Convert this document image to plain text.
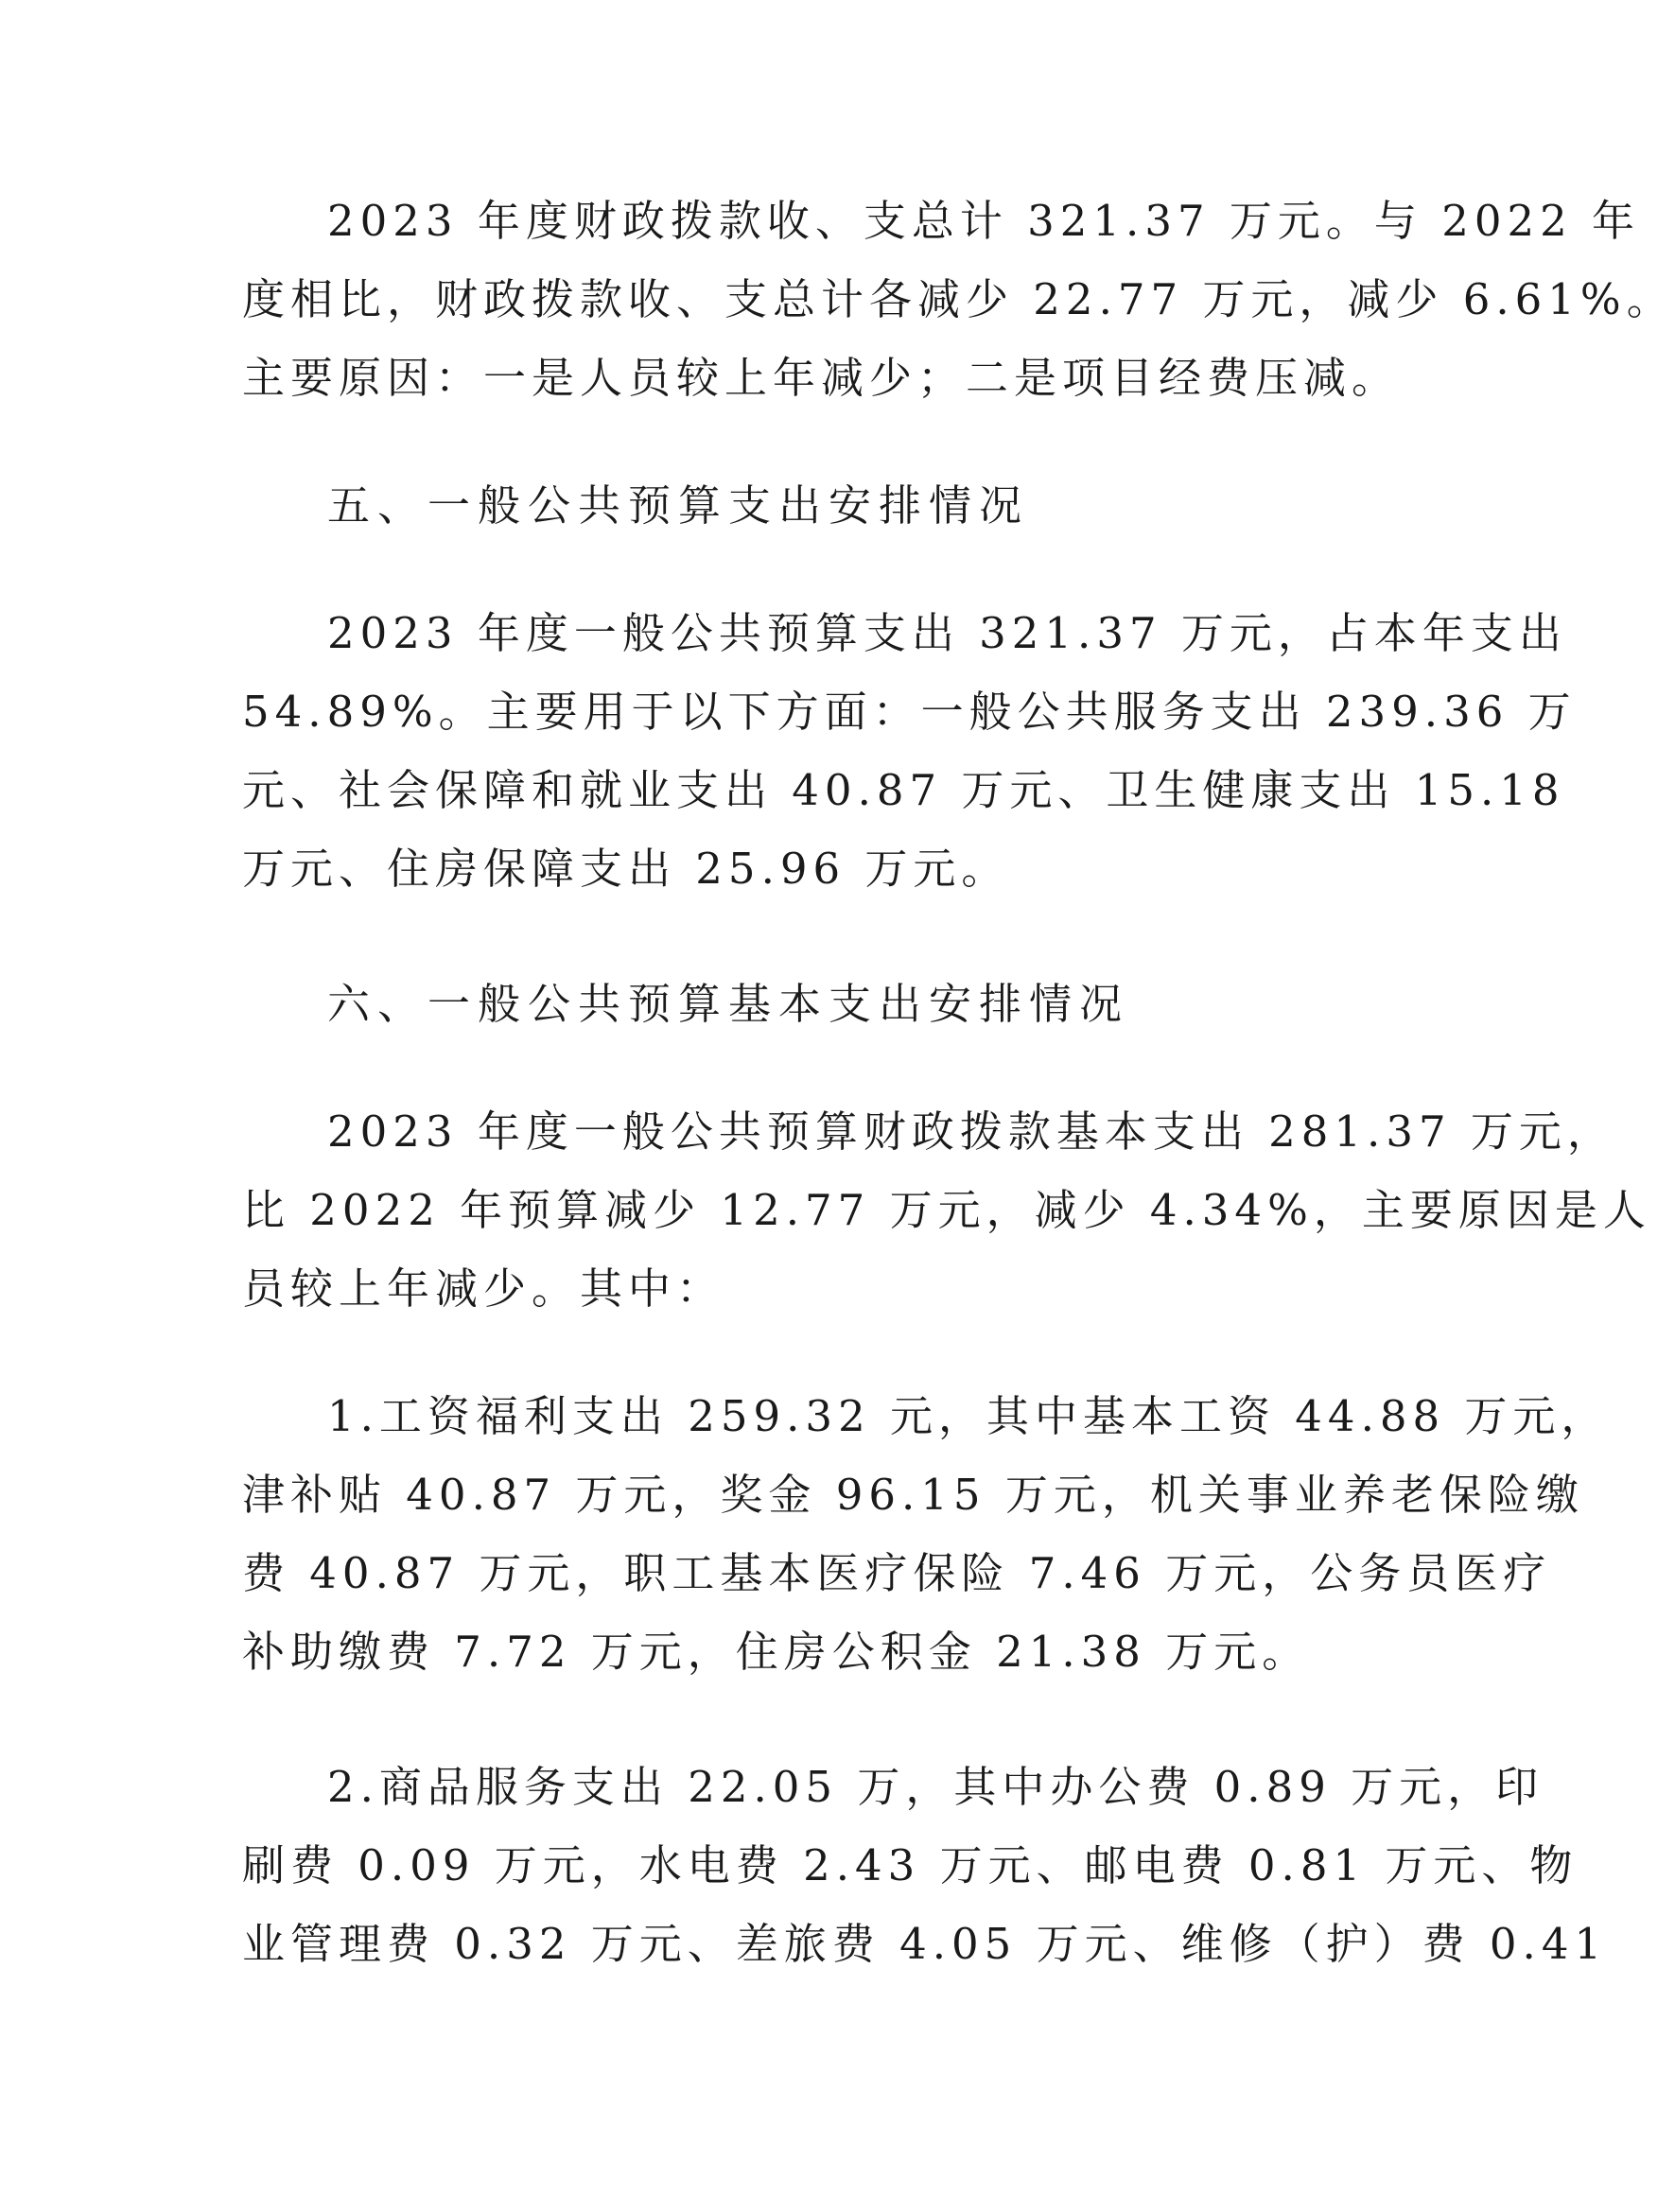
2023 年度财政拨款收、支总计 321.37 万元。与 2022 年
度相比，财政拨款收、支总计各减少 22.77 万元，减少 6.61%。
主要原因：一是人员较上年减少；二是项目经费压减。
五、一般公共预算支出安排情况
2023 年度一般公共预算支出 321.37 万元，占本年支出
54.89%。主要用于以下方面：一般公共服务支出 239.36 万
元、社会保障和就业支出 40.87 万元、卫生健康支出 15.18
万元、住房保障支出 25.96 万元。
六、一般公共预算基本支出安排情况
2023 年度一般公共预算财政拨款基本支出 281.37 万元，
比 2022 年预算减少 12.77 万元，减少 4.34%，主要原因是人
员较上年减少。其中：
1.工资福利支出 259.32 元，其中基本工资 44.88 万元，
津补贴 40.87 万元，奖金 96.15 万元，机关事业养老保险缴
费 40.87 万元，职工基本医疗保险 7.46 万元，公务员医疗
补助缴费 7.72 万元，住房公积金 21.38 万元。
2.商品服务支出 22.05 万，其中办公费 0.89 万元，印
刷费 0.09 万元，水电费 2.43 万元、邮电费 0.81 万元、物
业管理费 0.32 万元、差旅费 4.05 万元、维修（护）费 0.41
